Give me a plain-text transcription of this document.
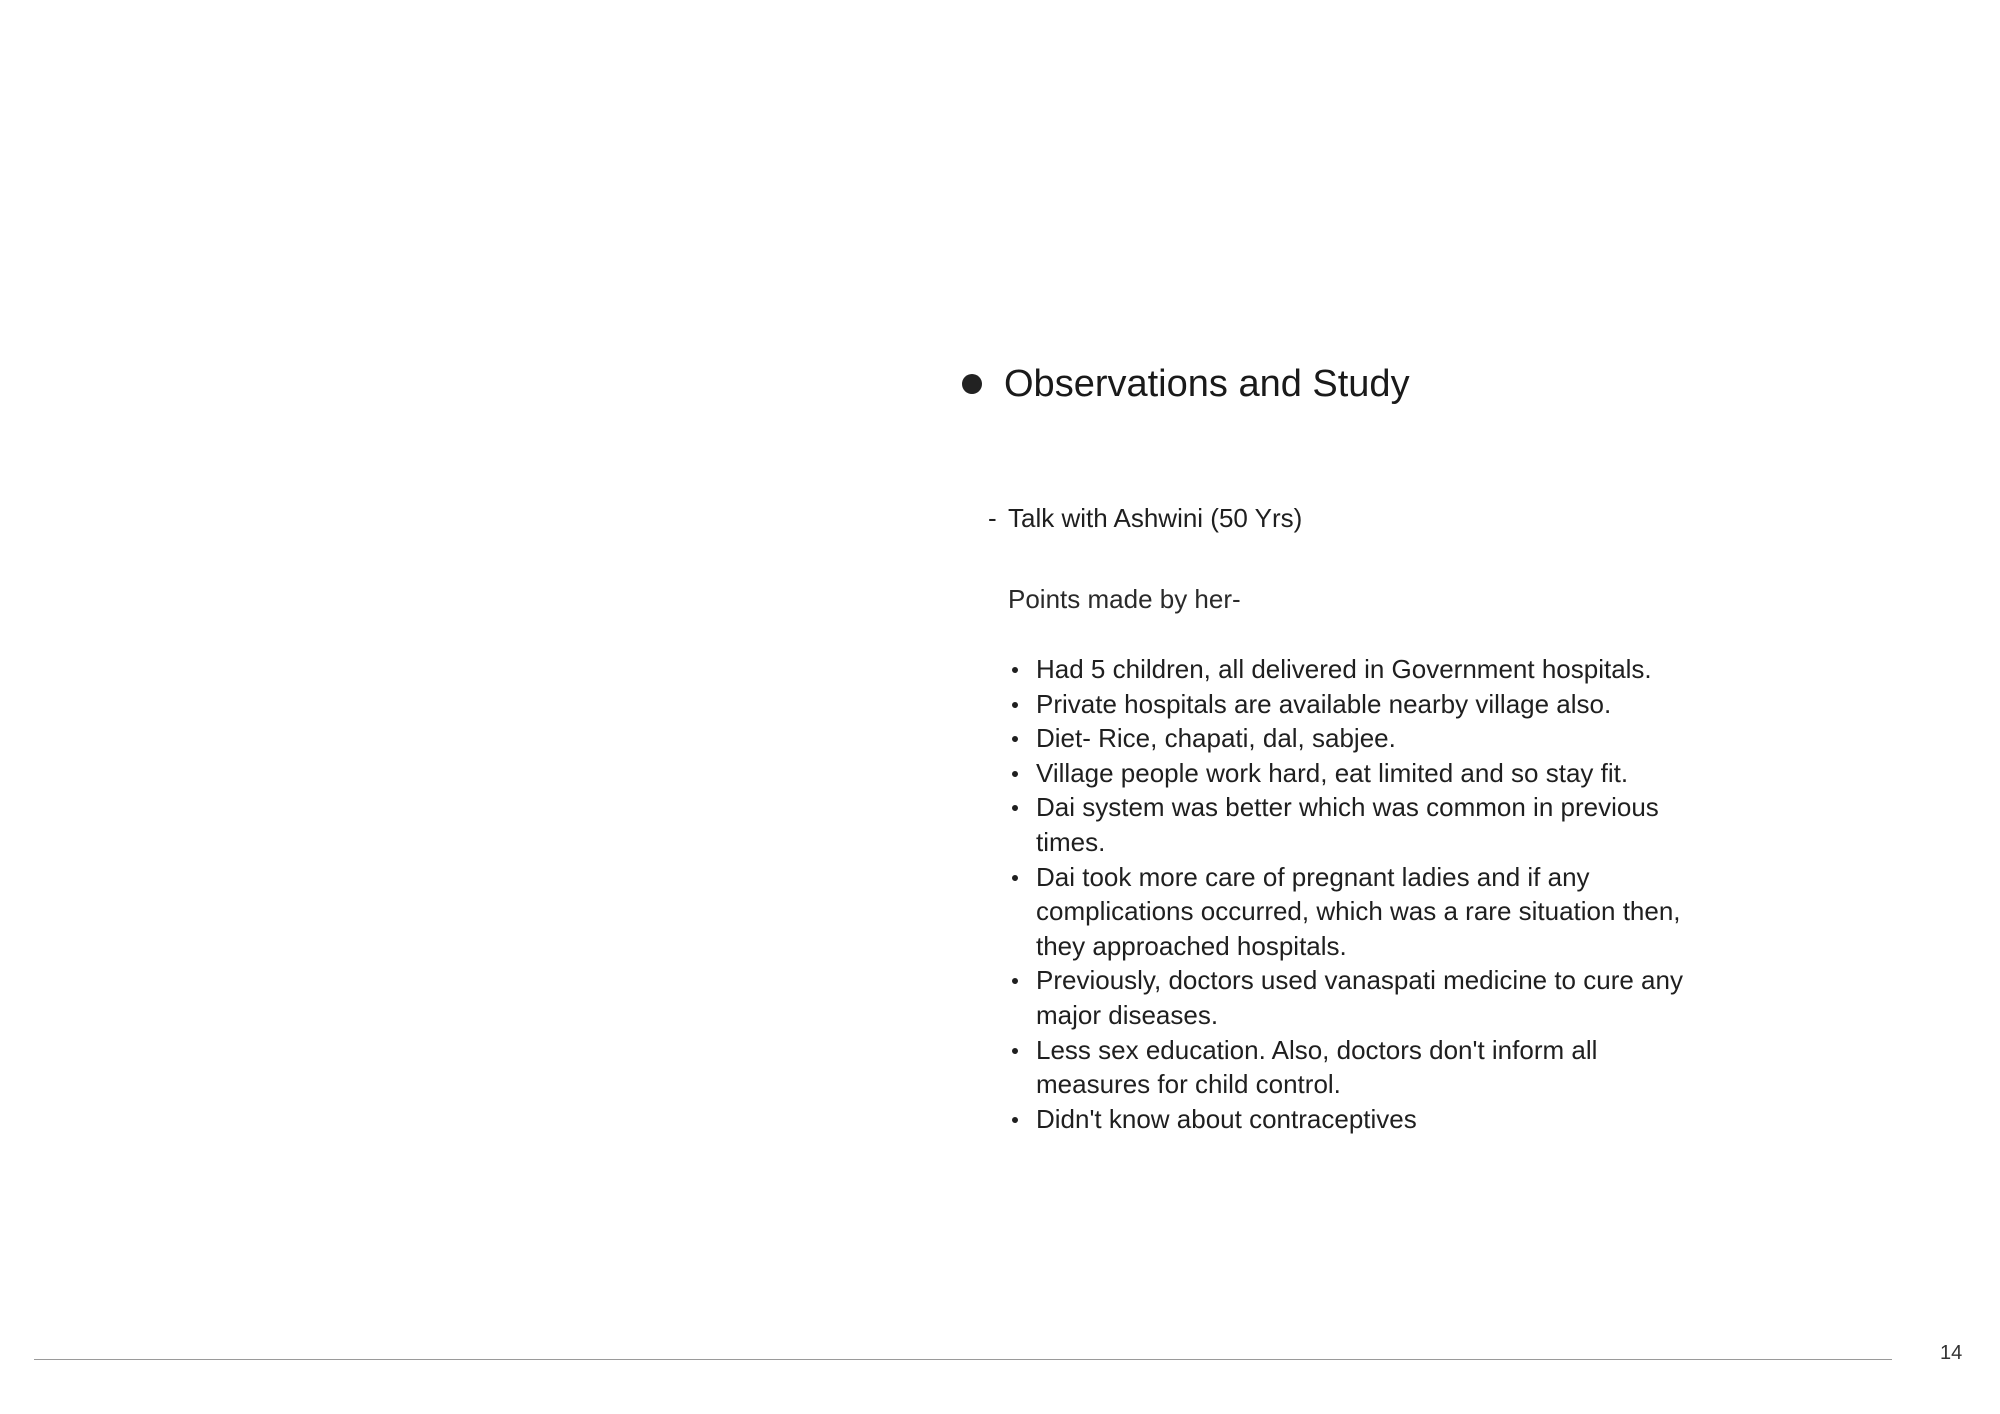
Observations and Study
- Talk with Ashwini (50 Yrs)
Points made by her-
Had 5 children, all delivered in Government hospitals.
Private hospitals are available nearby village also.
Diet- Rice, chapati, dal, sabjee.
Village people work hard, eat limited and so stay fit.
Dai system was better which was common in previous times.
Dai took more care of pregnant ladies and if any complications occurred, which was a rare situation then, they approached hospitals.
Previously, doctors used vanaspati medicine to cure any major diseases.
Less sex education. Also, doctors don't inform all measures for child control.
Didn't know about contraceptives
14
